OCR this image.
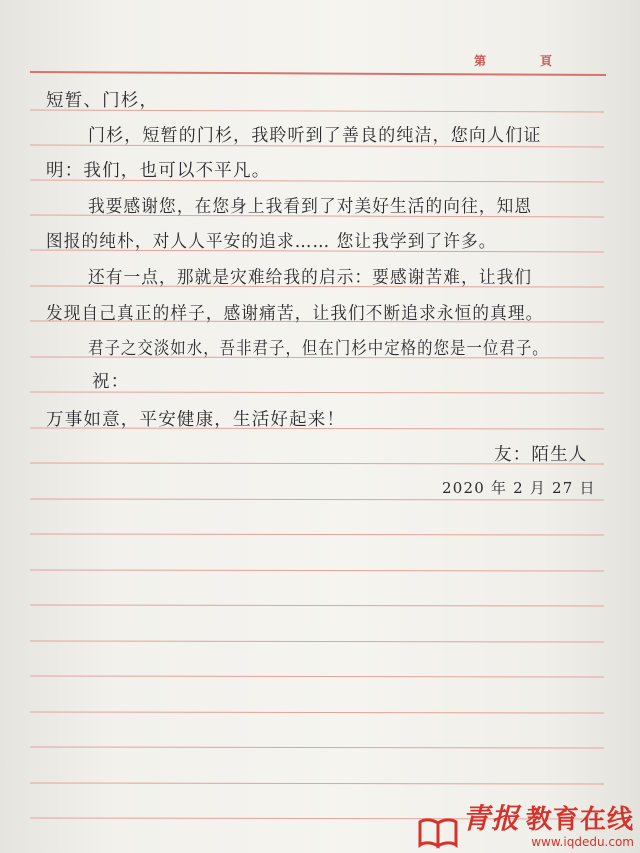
第	頁
短暂、门杉，
门杉，短暂的门杉，我聆听到了善良的纯洁，您向人们证
明：我们，也可以不平凡。
我要感谢您，在您身上我看到了对美好生活的向往，知恩
图报的纯朴，对人人平安的追求…… 您让我学到了许多。
还有一点，那就是灾难给我的启示：要感谢苦难，让我们
发现自己真正的样子，感谢痛苦，让我们不断追求永恒的真理。
君子之交淡如水，吾非君子，但在门杉中定格的您是一位君子。
祝：
万事如意，平安健康，生活好起来！
友：陌生人
2020 年 2 月 27 日
青报 教育在线
www.iqdedu.com
